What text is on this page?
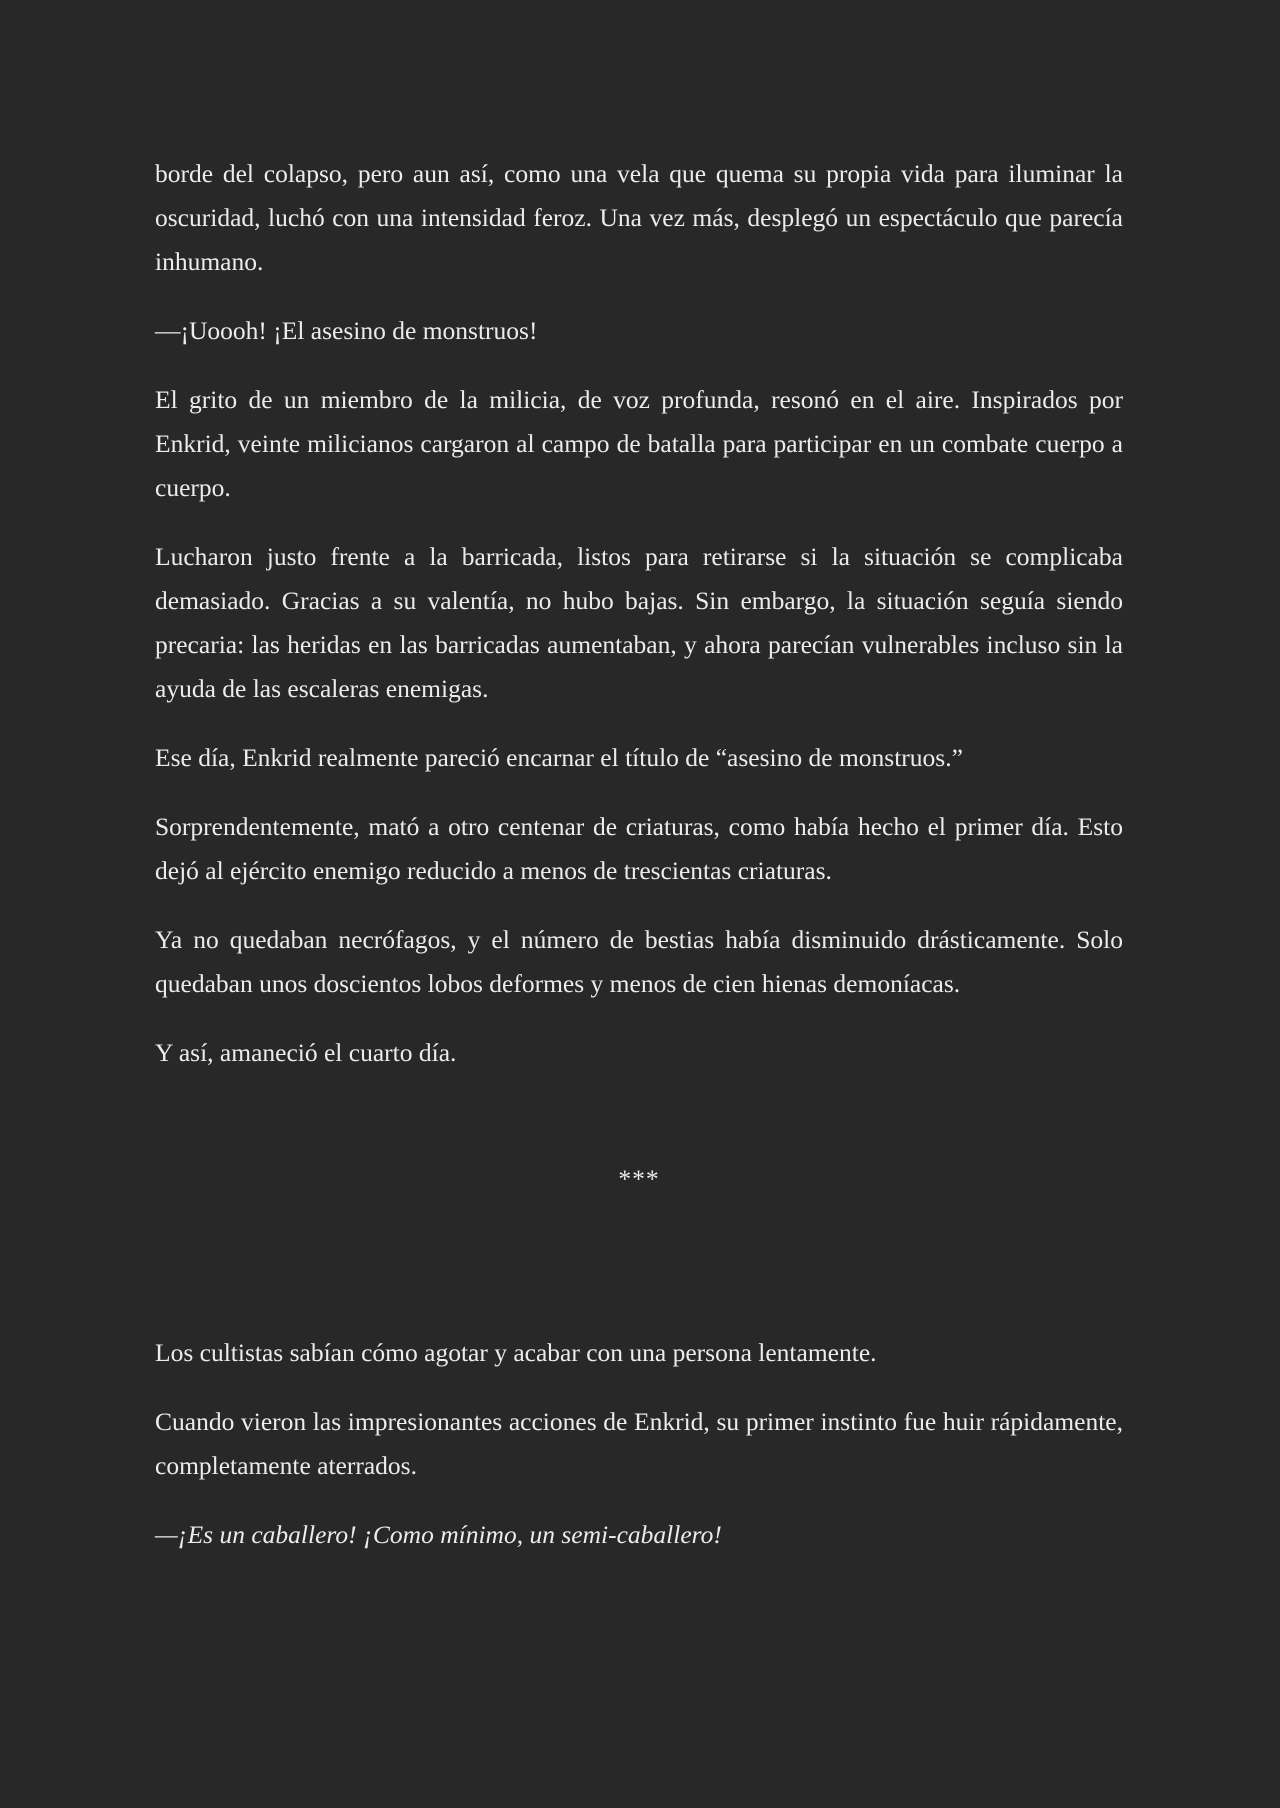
borde del colapso, pero aun así, como una vela que quema su propia vida para iluminar la oscuridad, luchó con una intensidad feroz. Una vez más, desplegó un espectáculo que parecía inhumano.

—¡Uoooh! ¡El asesino de monstruos!

El grito de un miembro de la milicia, de voz profunda, resonó en el aire. Inspirados por Enkrid, veinte milicianos cargaron al campo de batalla para participar en un combate cuerpo a cuerpo.

Lucharon justo frente a la barricada, listos para retirarse si la situación se complicaba demasiado. Gracias a su valentía, no hubo bajas. Sin embargo, la situación seguía siendo precaria: las heridas en las barricadas aumentaban, y ahora parecían vulnerables incluso sin la ayuda de las escaleras enemigas.

Ese día, Enkrid realmente pareció encarnar el título de “asesino de monstruos.”

Sorprendentemente, mató a otro centenar de criaturas, como había hecho el primer día. Esto dejó al ejército enemigo reducido a menos de trescientas criaturas.

Ya no quedaban necrófagos, y el número de bestias había disminuido drásticamente. Solo quedaban unos doscientos lobos deformes y menos de cien hienas demoníacas.

Y así, amaneció el cuarto día.

***

Los cultistas sabían cómo agotar y acabar con una persona lentamente.

Cuando vieron las impresionantes acciones de Enkrid, su primer instinto fue huir rápidamente, completamente aterrados.

—¡Es un caballero! ¡Como mínimo, un semi-caballero!
